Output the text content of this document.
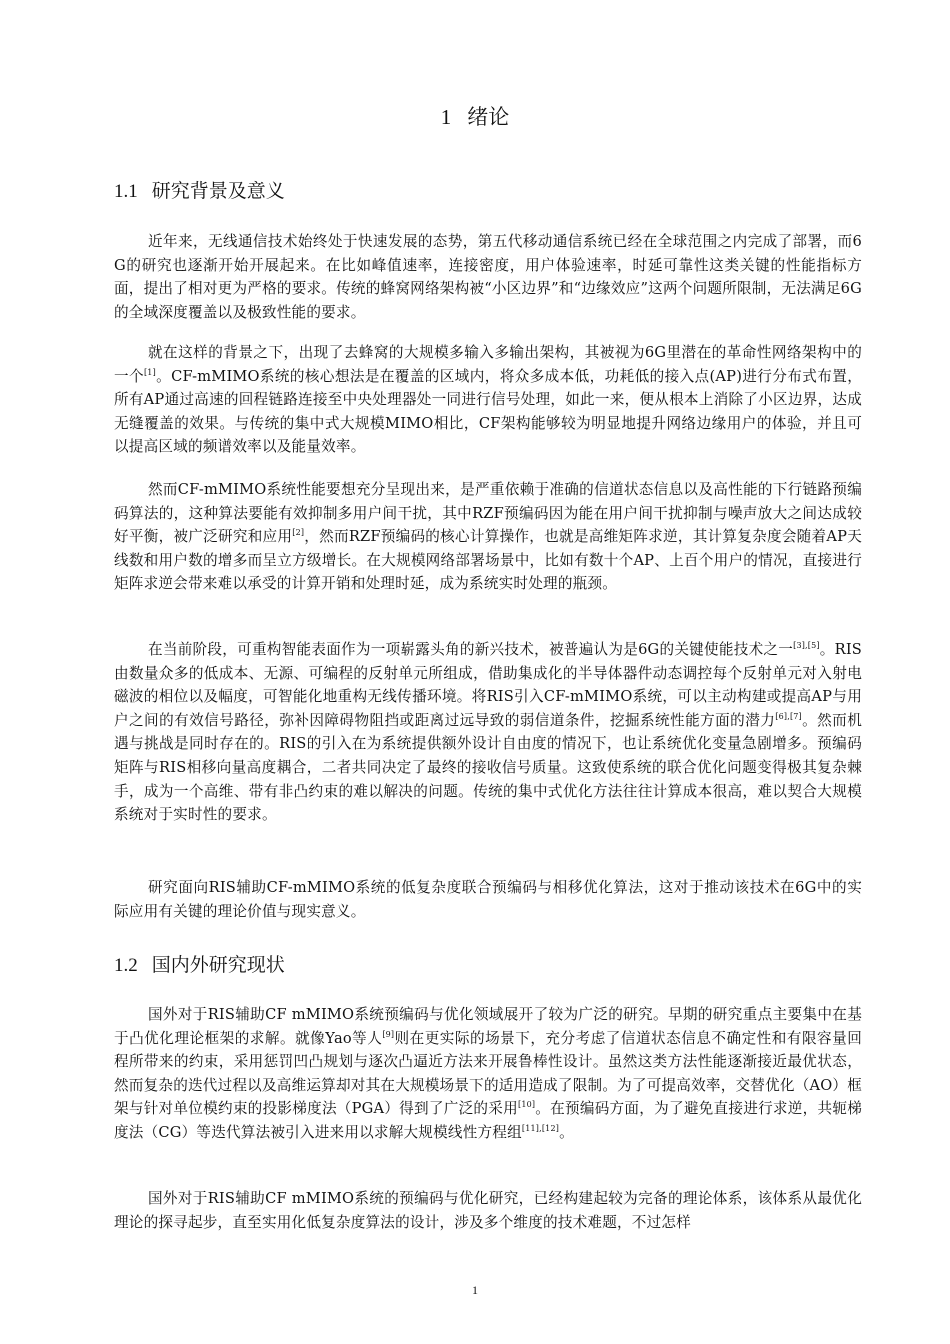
1 绪论
1.1 研究背景及意义

近年来，无线通信技术始终处于快速发展的态势，第五代移动通信系统已经在全球范围之内完成了部署，而6G的研究也逐渐开始开展起来。在比如峰值速率，连接密度，用户体验速率，时延可靠性这类关键的性能指标方面，提出了相对更为严格的要求。传统的蜂窝网络架构被“小区边界”和“边缘效应”这两个问题所限制，无法满足6G的全域深度覆盖以及极致性能的要求。

就在这样的背景之下，出现了去蜂窝的大规模多输入多输出架构，其被视为6G里潜在的革命性网络架构中的一个[1]。CF-mMIMO系统的核心想法是在覆盖的区域内，将众多成本低，功耗低的接入点(AP)进行分布式布置，所有AP通过高速的回程链路连接至中央处理器处一同进行信号处理，如此一来，便从根本上消除了小区边界，达成无缝覆盖的效果。与传统的集中式大规模MIMO相比，CF架构能够较为明显地提升网络边缘用户的体验，并且可以提高区域的频谱效率以及能量效率。

然而CF-mMIMO系统性能要想充分呈现出来，是严重依赖于准确的信道状态信息以及高性能的下行链路预编码算法的，这种算法要能有效抑制多用户间干扰，其中RZF预编码因为能在用户间干扰抑制与噪声放大之间达成较好平衡，被广泛研究和应用[2]，然而RZF预编码的核心计算操作，也就是高维矩阵求逆，其计算复杂度会随着AP天线数和用户数的增多而呈立方级增长。在大规模网络部署场景中，比如有数十个AP、上百个用户的情况，直接进行矩阵求逆会带来难以承受的计算开销和处理时延，成为系统实时处理的瓶颈。

在当前阶段，可重构智能表面作为一项崭露头角的新兴技术，被普遍认为是6G的关键使能技术之一[3],[5]。RIS由数量众多的低成本、无源、可编程的反射单元所组成，借助集成化的半导体器件动态调控每个反射单元对入射电磁波的相位以及幅度，可智能化地重构无线传播环境。将RIS引入CF-mMIMO系统，可以主动构建或提高AP与用户之间的有效信号路径，弥补因障碍物阻挡或距离过远导致的弱信道条件，挖掘系统性能方面的潜力[6],[7]。然而机遇与挑战是同时存在的。RIS的引入在为系统提供额外设计自由度的情况下，也让系统优化变量急剧增多。预编码矩阵与RIS相移向量高度耦合，二者共同决定了最终的接收信号质量。这致使系统的联合优化问题变得极其复杂棘手，成为一个高维、带有非凸约束的难以解决的问题。传统的集中式优化方法往往计算成本很高，难以契合大规模系统对于实时性的要求。

研究面向RIS辅助CF-mMIMO系统的低复杂度联合预编码与相移优化算法，这对于推动该技术在6G中的实际应用有关键的理论价值与现实意义。

1.2 国内外研究现状

国外对于RIS辅助CF mMIMO系统预编码与优化领域展开了较为广泛的研究。早期的研究重点主要集中在基于凸优化理论框架的求解。就像Yao等人[9]则在更实际的场景下，充分考虑了信道状态信息不确定性和有限容量回程所带来的约束，采用惩罚凹凸规划与逐次凸逼近方法来开展鲁棒性设计。虽然这类方法性能逐渐接近最优状态，然而复杂的迭代过程以及高维运算却对其在大规模场景下的适用造成了限制。为了可提高效率，交替优化（AO）框架与针对单位模约束的投影梯度法（PGA）得到了广泛的采用[10]。在预编码方面，为了避免直接进行求逆，共轭梯度法（CG）等迭代算法被引入进来用以求解大规模线性方程组[11],[12]。

国外对于RIS辅助CF mMIMO系统的预编码与优化研究，已经构建起较为完备的理论体系，该体系从最优化理论的探寻起步，直至实用化低复杂度算法的设计，涉及多个维度的技术难题，不过怎样

1
